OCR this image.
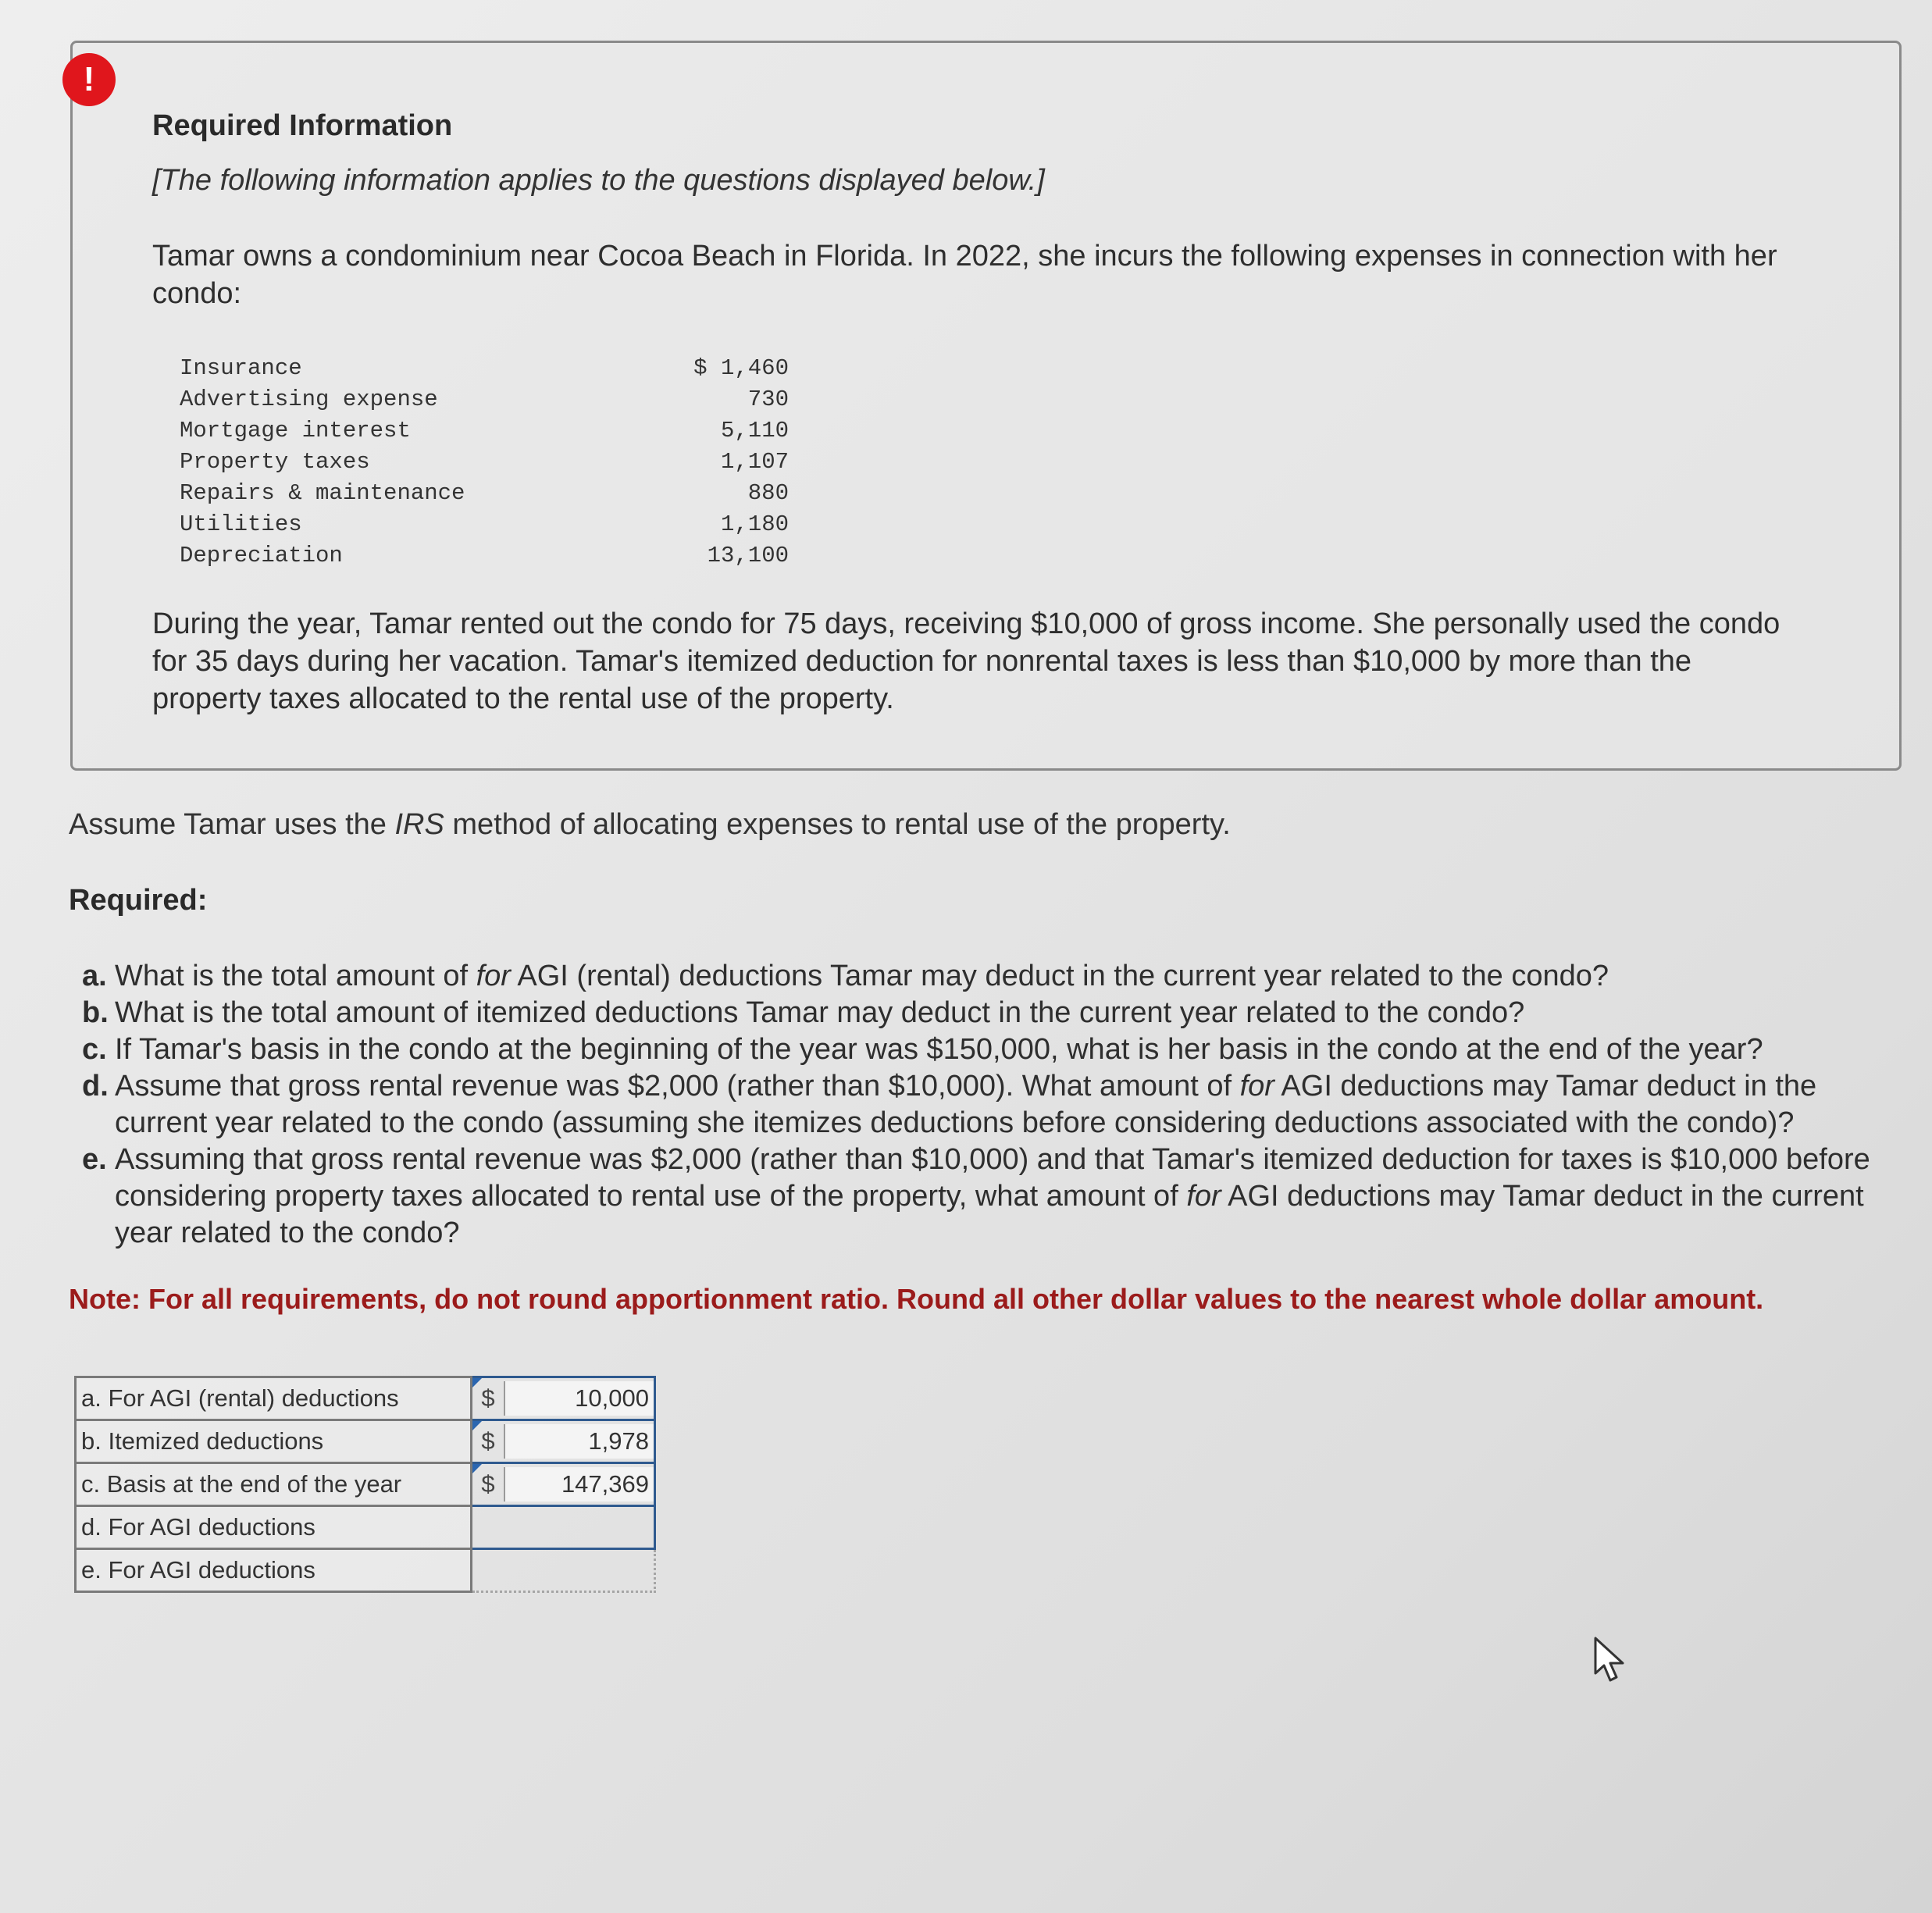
!
Required Information
[The following information applies to the questions displayed below.]
Tamar owns a condominium near Cocoa Beach in Florida. In 2022, she incurs the following expenses in connection with her condo:
Insurance	$ 1,460
Advertising expense	730
Mortgage interest	5,110
Property taxes	1,107
Repairs & maintenance	880
Utilities	1,180
Depreciation	13,100
During the year, Tamar rented out the condo for 75 days, receiving $10,000 of gross income. She personally used the condo for 35 days during her vacation. Tamar's itemized deduction for nonrental taxes is less than $10,000 by more than the property taxes allocated to the rental use of the property.
Assume Tamar uses the IRS method of allocating expenses to rental use of the property.
Required:
a. What is the total amount of for AGI (rental) deductions Tamar may deduct in the current year related to the condo?
b. What is the total amount of itemized deductions Tamar may deduct in the current year related to the condo?
c. If Tamar's basis in the condo at the beginning of the year was $150,000, what is her basis in the condo at the end of the year?
d. Assume that gross rental revenue was $2,000 (rather than $10,000). What amount of for AGI deductions may Tamar deduct in the current year related to the condo (assuming she itemizes deductions before considering deductions associated with the condo)?
e. Assuming that gross rental revenue was $2,000 (rather than $10,000) and that Tamar's itemized deduction for taxes is $10,000 before considering property taxes allocated to rental use of the property, what amount of for AGI deductions may Tamar deduct in the current year related to the condo?
Note: For all requirements, do not round apportionment ratio. Round all other dollar values to the nearest whole dollar amount.
a. For AGI (rental) deductions	$ 10,000

b. Itemized deductions	$ 1,978

c. Basis at the end of the year	$ 147,369

d. For AGI deductions	

e. For AGI deductions	
